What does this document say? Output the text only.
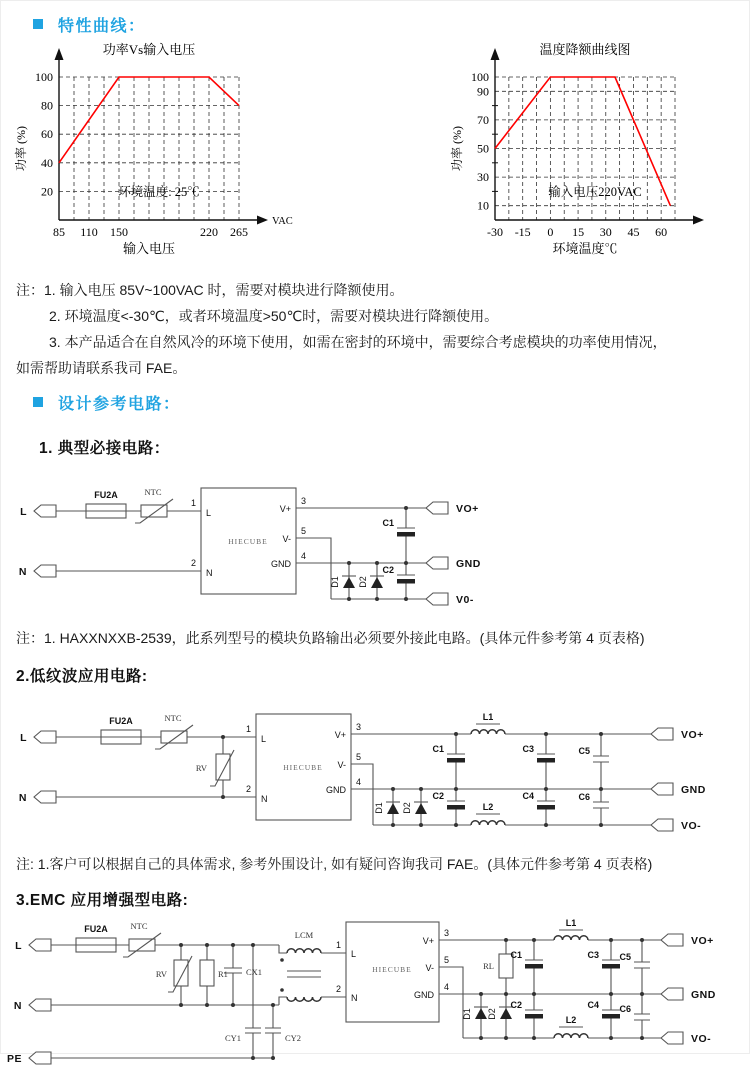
特性曲线：
20
40
60
80
100
VAC
85 110 150	220 265
功率Vs输入电压
输入电压
功率 (%)
环境温度: 25℃
10
30
50
70
90
100
-30 -15 0 15 30 45 60
温度降额曲线图
环境温度℃
功率 (%)
输入电压220VAC
注：1. 输入电压 85V~100VAC 时，需要对模块进行降额使用。
2. 环境温度<-30℃，或者环境温度>50℃时，需要对模块进行降额使用。
3. 本产品适合在自然风冷的环境下使用，如需在密封的环境中，需要综合考虑模块的功率使用情况，
如需帮助请联系我司 FAE。
设计参考电路：
1. 典型必接电路：
L
N
FU2A	NTC
HIECUBE
1
L
2
N
3
V+
5
V-
4
GND
D1 D2
C1
C2
VO+
GND
V0-

注：1. HAXXNXXB-2539，此系列型号的模块负路输出必须要外接此电路。(具体元件参考第 4 页表格)

2.低纹波应用电路:
L
N
FU2A	NTC
RV	HIECUBE
1
L
2
N
3
V+
5
V-
4
GND
D1 D2
C1
C2
L1
L2
C3
C4
C5
C6
VO+
GND
VO-

注: 1.客户可以根据自己的具体需求, 参考外围设计, 如有疑问咨询我司 FAE。(具体元件参考第 4 页表格)

3.EMC 应用增强型电路:
L
N
PE
FU2A	NTC
RV	R1 CX1
CY1	CY2
LCM
HIECUBE
1
L
2
N
3
V+
5
V-
4
GND
D1
RL
D2
C1
C2
L1
L2
C3
C4
C5
C6
VO+
GND
VO-
